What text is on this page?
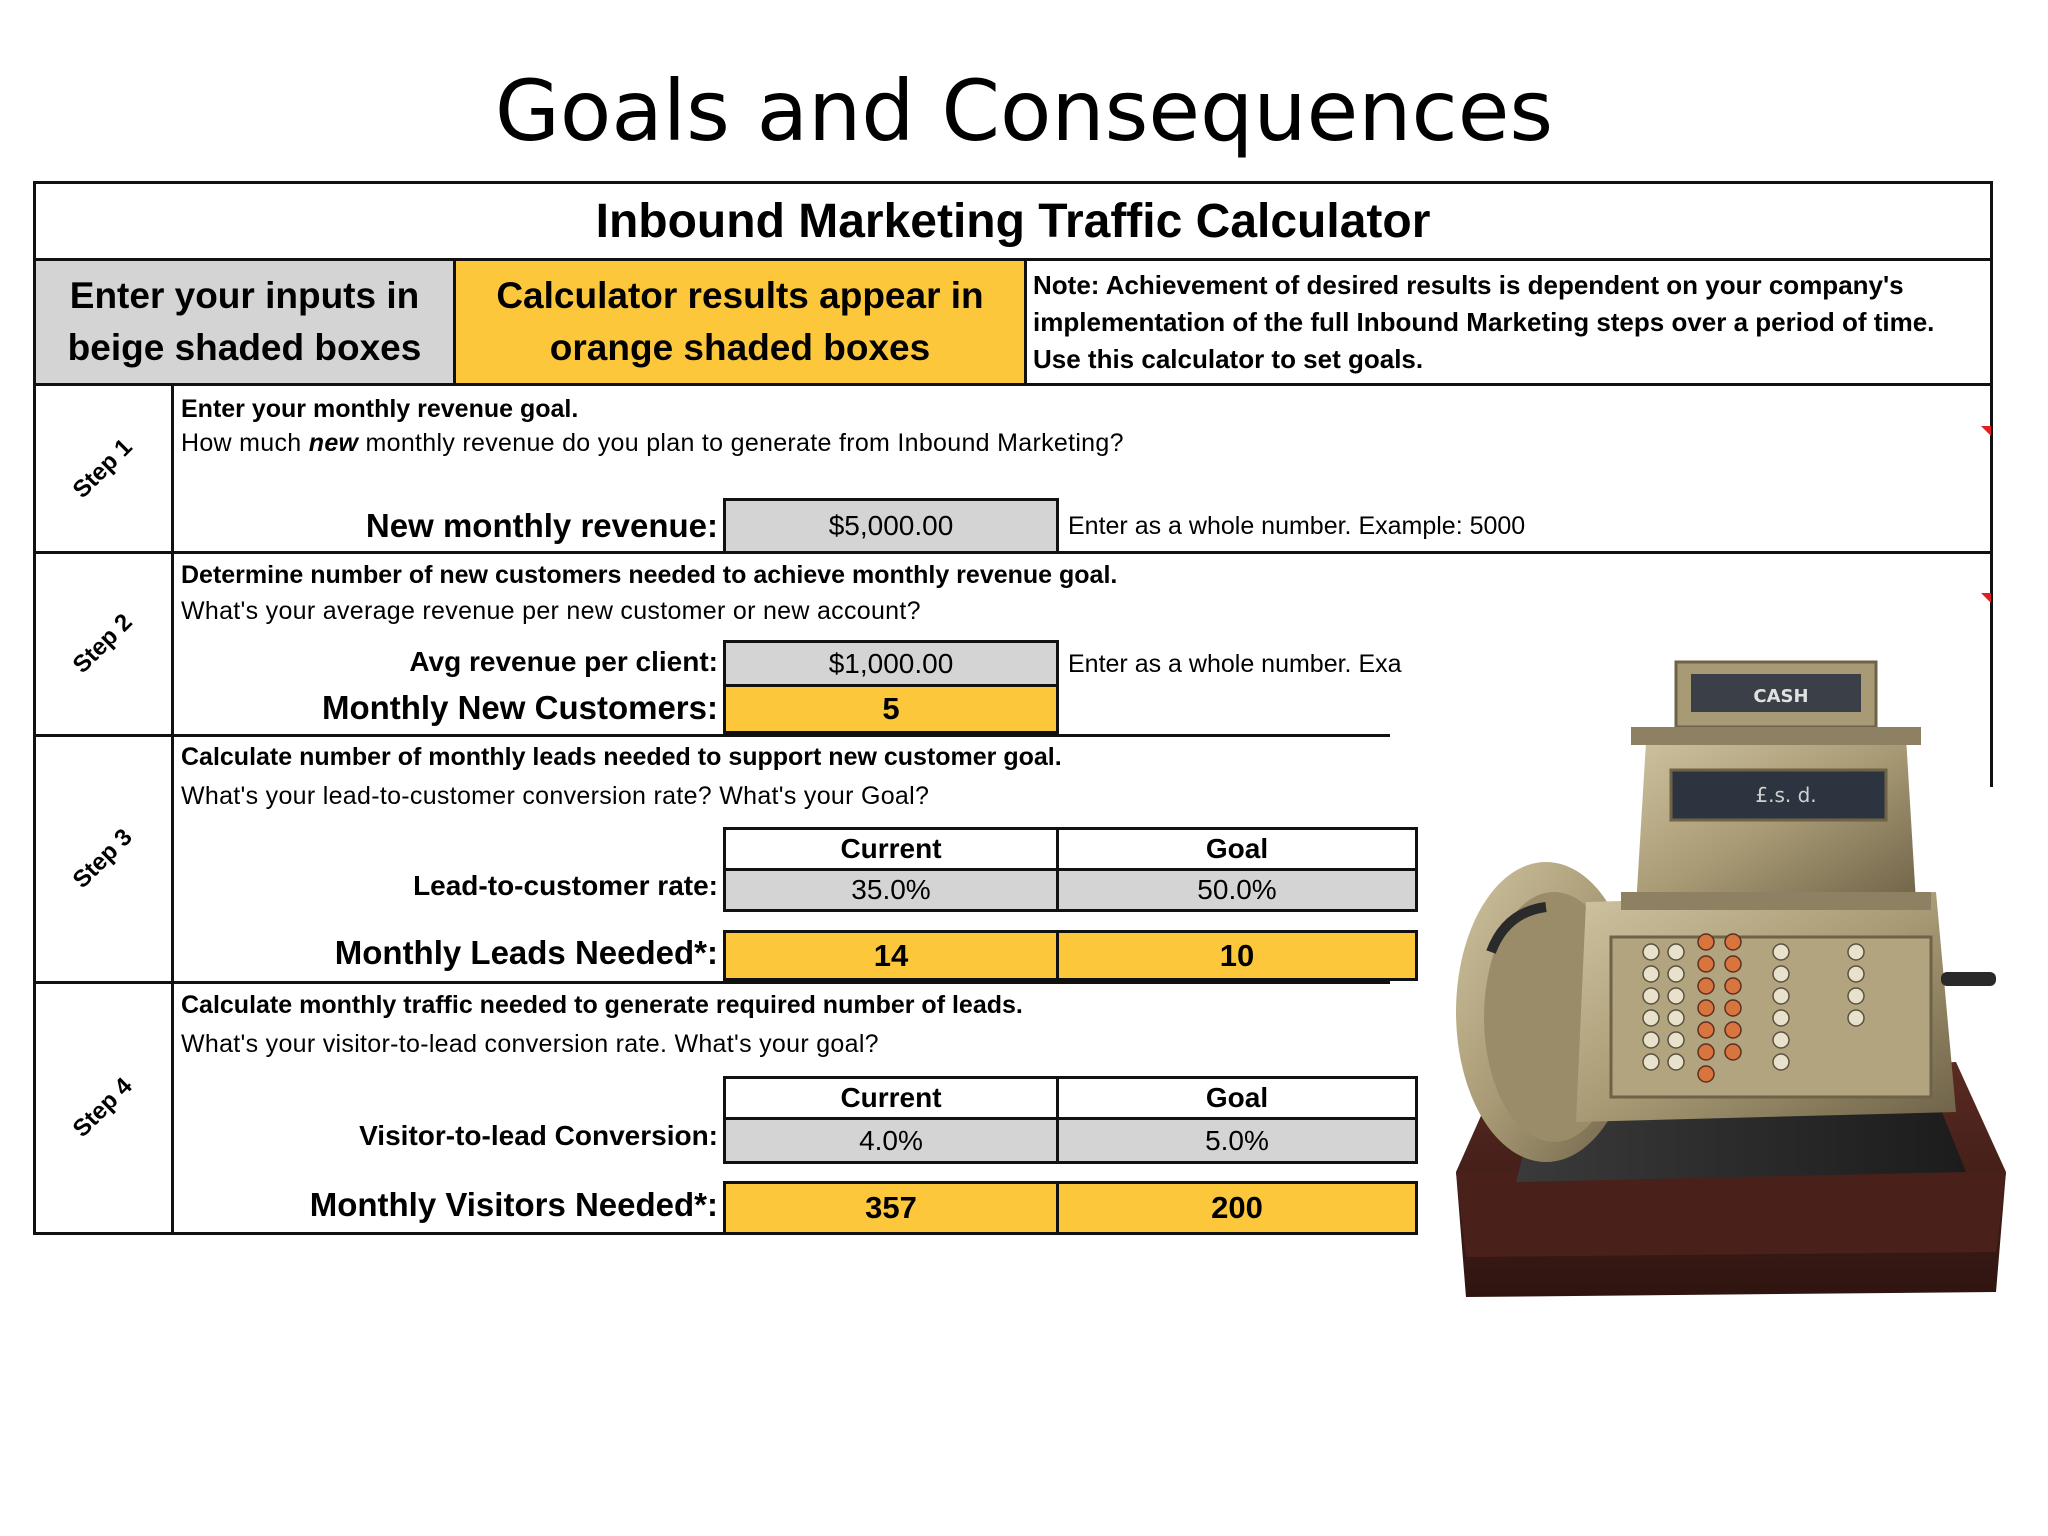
Goals and Consequences
Inbound Marketing Traffic Calculator
Enter your inputs in beige shaded boxes
Calculator results appear in orange shaded boxes
Note: Achievement of desired results is dependent on your company's implementation of the full Inbound Marketing steps over a period of time. Use this calculator to set goals.
Step 1
Enter your monthly revenue goal.
How much new monthly revenue do you plan to generate from Inbound Marketing?
New monthly revenue:	$5,000.00	Enter as a whole number. Example: 5000
Step 2
Determine number of new customers needed to achieve monthly revenue goal.
What's your average revenue per new customer or new account?
Avg revenue per client:	$1,000.00	Enter as a whole number. Exa
Monthly New Customers:	5
Step 3
Calculate number of monthly leads needed to support new customer goal.
What's your lead-to-customer conversion rate? What's your Goal?
Current	Goal
Lead-to-customer rate:	35.0%	50.0%
Monthly Leads Needed*:	14	10
Step 4
Calculate monthly traffic needed to generate required number of leads.
What's your visitor-to-lead conversion rate. What's your goal?
Current	Goal
Visitor-to-lead Conversion:	4.0%	5.0%
Monthly Visitors Needed*:	357	200
CASH
£.s. d.
